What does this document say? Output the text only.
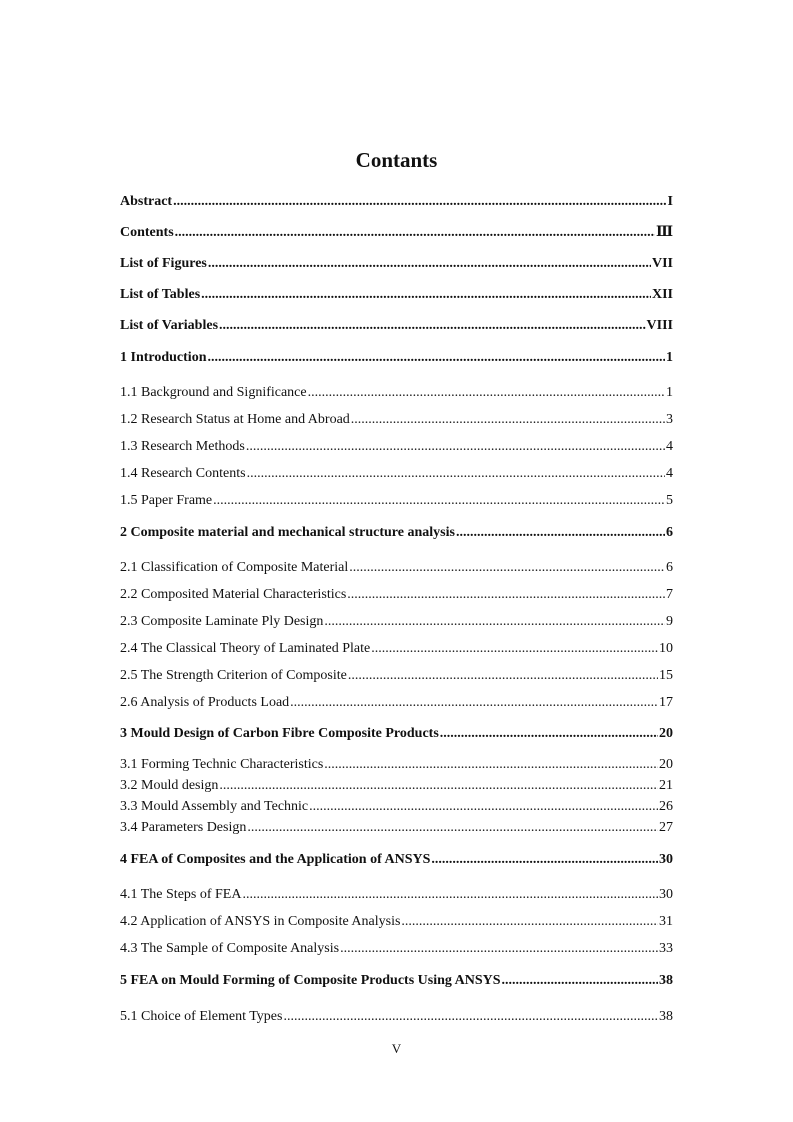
Contants
Abstract .....	I
Contents .....	Ⅲ
List of Figures .....	VII
List of Tables .....	XII
List of Variables .....	VIII
1 Introduction .....	1
1.1 Background and Significance .....	1
1.2 Research Status at Home and Abroad .....	3
1.3 Research Methods .....	4
1.4 Research Contents .....	4
1.5 Paper Frame .....	5
2 Composite material and mechanical structure analysis .....	6
2.1 Classification of Composite Material .....	6
2.2 Composited Material Characteristics .....	7
2.3 Composite Laminate Ply Design .....	9
2.4 The Classical Theory of Laminated Plate .....	10
2.5 The Strength Criterion of Composite .....	15
2.6 Analysis of Products Load .....	17
3 Mould Design of Carbon Fibre Composite Products .....	20
3.1 Forming Technic Characteristics .....	20
3.2 Mould design .....	21
3.3 Mould Assembly and Technic .....	26
3.4 Parameters Design .....	27
4 FEA of Composites and the Application of ANSYS .....	30
4.1 The Steps of FEA .....	30
4.2 Application of ANSYS in Composite Analysis .....	31
4.3 The Sample of Composite Analysis .....	33
5 FEA on Mould Forming of Composite Products Using ANSYS .....	38
5.1 Choice of Element Types .....	38
V
